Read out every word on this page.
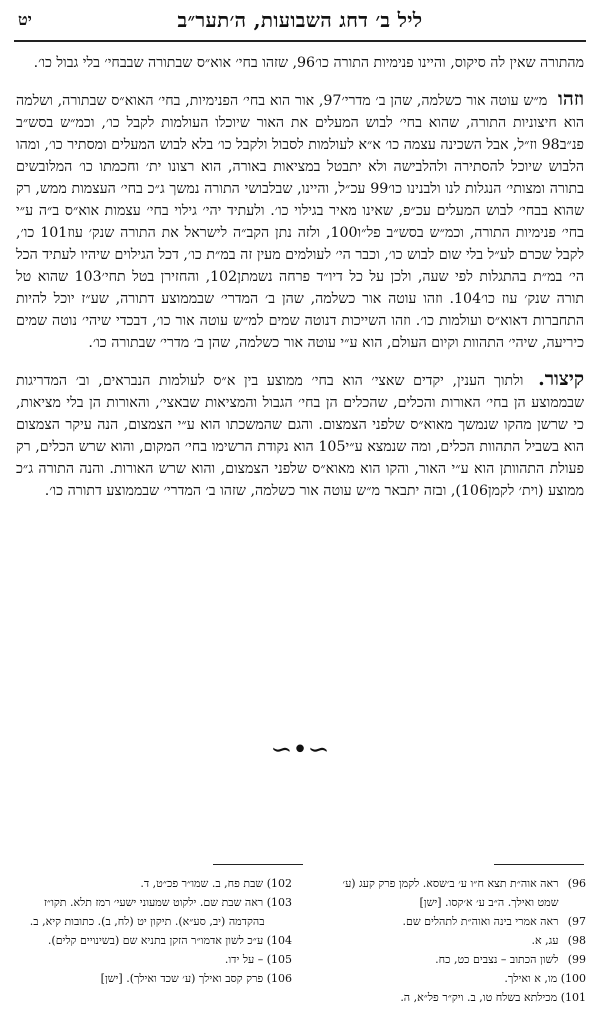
ליל ב׳ דחג השבועות, ה׳תער״ב
יט

מהתורה שאין לה סיקוס, והיינו פנימיות התורה כו׳96, שזהו בחי׳ אוא״ס שבתורה שבבחי׳ בלי גבול כו׳.

וזהו מ״ש עוטה אור כשלמה, שהן ב׳ מדרי׳97, אור הוא בחי׳ הפנימיות, בחי׳ האוא״ס שבתורה, ושלמה הוא חיצוניות התורה, שהוא בחי׳ לבוש המעלים את האור שיוכלו העולמות לקבל כו׳, וכמ״ש בסש״ב פנ״ב98 וז״ל, אבל השכינה עצמה כו׳ א״א לעולמות לסבול ולקבל כו׳ בלא לבוש המעלים ומסתיר כו׳, ומהו הלבוש שיוכל להסתירה ולהלבישה ולא יתבטל במציאות באורה, הוא רצונו ית׳ וחכמתו כו׳ המלובשים בתורה ומצותי׳ הנגלות לנו ולבנינו כו׳99 עכ״ל, והיינו, שבלבושי התורה נמשך ג״כ בחי׳ העצמות ממש, רק שהוא בבחי׳ לבוש המעלים עכ״פ, שאינו מאיר בגילוי כו׳. ולעתיד יהי׳ גילוי בחי׳ עצמות אוא״ס ב״ה ע״י בחי׳ פנימיות התורה, וכמ״ש בסש״ב פל״ו100, ולזה נתן הקב״ה לישראל את התורה שנק׳ עוז101 כו׳, לקבל שכרם לע״ל בלי שום לבוש כו׳, וכבר הי׳ לעולמים מעין זה במ״ת כו׳, דכל הגילוים שיהיו לעתיד הכל הי׳ במ״ת בהתגלות לפי שעה, ולכן על כל דיו״ד פרחה נשמתן102, והחזירן בטל תחי׳103 שהוא טל תורה שנק׳ עוז כו׳104. וזהו עוטה אור כשלמה, שהן ב׳ המדרי׳ שבממוצע דתורה, שע״ז יוכל להיות התחברות דאוא״ס ועולמות כו׳. וזהו השייכות דנוטה שמים למ״ש עוטה אור כו׳, דבכדי שיהי׳ נוטה שמים כיריעה, שיהי׳ התהוות וקיום העולם, הוא ע״י עוטה אור כשלמה, שהן ב׳ מדרי׳ שבתורה כו׳.

קיצור. ולתוך הענין, יקדים שאצי׳ הוא בחי׳ ממוצע בין א״ס לעולמות הנבראים, וב׳ המדריגות שבממוצע הן בחי׳ האורות והכלים, שהכלים הן בחי׳ הגבול והמציאות שבאצי׳, והאורות הן בלי מציאות, כי שרשן מהקו שנמשך מאוא״ס שלפני הצמצום. והגם שהמשכתו הוא ע״י הצמצום, הנה עיקר הצמצום הוא בשביל התהוות הכלים, ומה שנמצא ע״י105 הוא נקודת הרשימו בחי׳ המקום, והוא שרש הכלים, רק פעולת התהוותן הוא ע״י האור, והקו הוא מאוא״ס שלפני הצמצום, והוא שרש האורות. והנה התורה ג״כ ממוצע (וית׳ לקמן106), ובזה יתבאר מ״ש עוטה אור כשלמה, שזהו ב׳ המדרי׳ שבממוצע דתורה כו׳.

∽•∽
96) ראה אוה״ת תצא ח״ו ע׳ ב׳שסא. לקמן פרק קעג (ע׳
שמט ואילך. ה״ב ע׳ א׳קסו. [ישן]
97) ראה אמרי בינה ואוה״ת לתהלים שם.
98) עג, א.
99) לשון הכתוב – נצבים כט, כח.
100) מו, א ואילך.
101) מכילתא בשלח טו, ב. ויק״ר פל״א, ה.
102) שבת פח, ב. שמו״ר פכ״ט, ד.
103) ראה שבת שם. ילקוט שמעוני ישעי׳ רמז תלא. תקו״ז
בהקדמה (יב, סע״א). תיקון יט (לח, ב). כתובות קיא, ב.
104) ע״כ לשון אדמו״ר הזקן בתניא שם (בשינויים קלים).
105) – על ידו.
106) פרק קסב ואילך (ע׳ שכד ואילך). [ישן]
